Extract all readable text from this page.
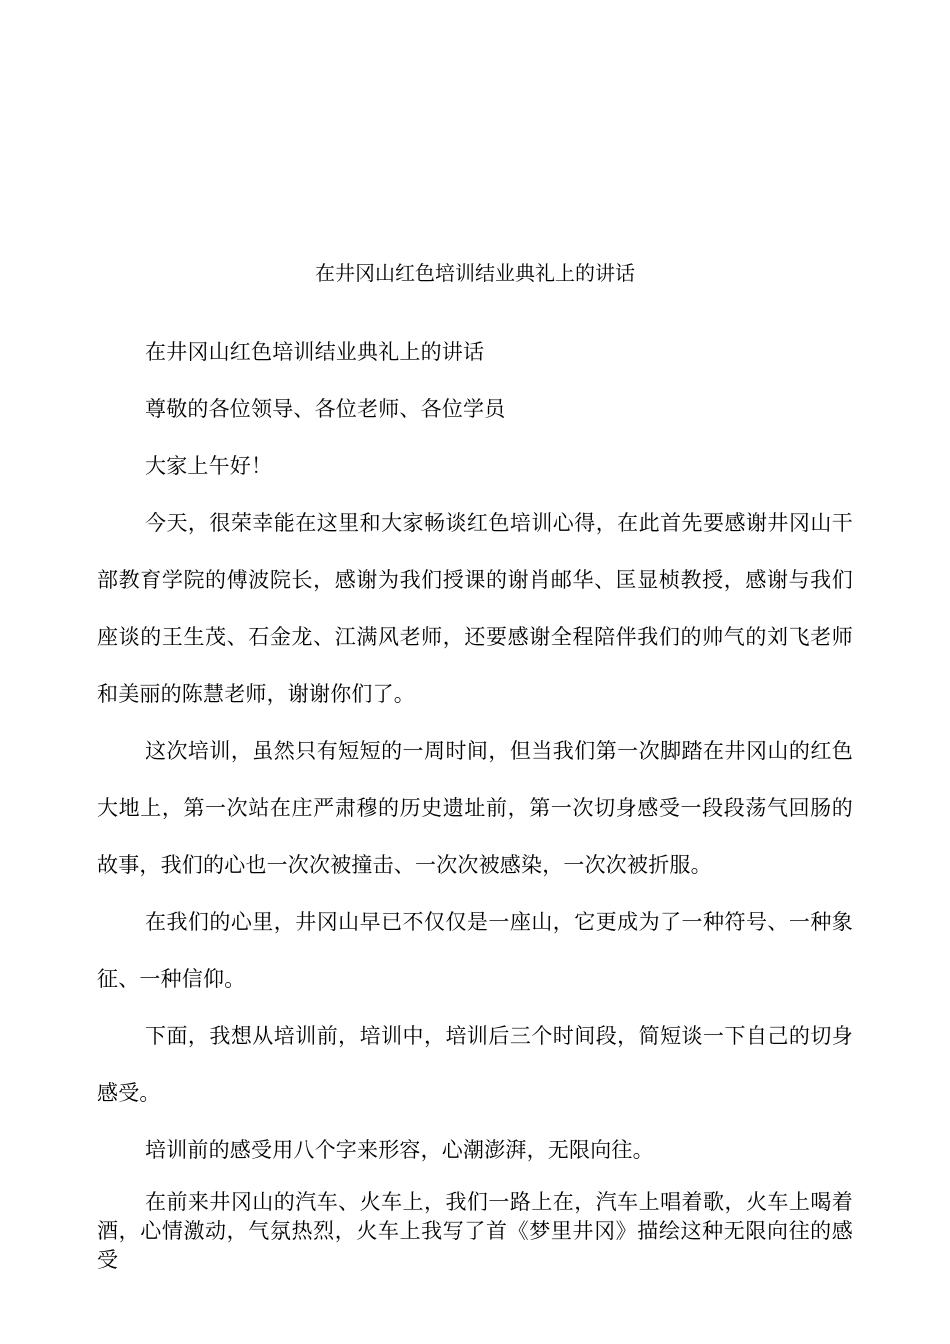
在井冈山红色培训结业典礼上的讲话

在井冈山红色培训结业典礼上的讲话

尊敬的各位领导、各位老师、各位学员

大家上午好！

今天，很荣幸能在这里和大家畅谈红色培训心得，在此首先要感谢井冈山干部教育学院的傅波院长，感谢为我们授课的谢肖邮华、匡显桢教授，感谢与我们座谈的王生茂、石金龙、江满风老师，还要感谢全程陪伴我们的帅气的刘飞老师和美丽的陈慧老师，谢谢你们了。

这次培训，虽然只有短短的一周时间，但当我们第一次脚踏在井冈山的红色大地上，第一次站在庄严肃穆的历史遗址前，第一次切身感受一段段荡气回肠的故事，我们的心也一次次被撞击、一次次被感染，一次次被折服。

在我们的心里，井冈山早已不仅仅是一座山，它更成为了一种符号、一种象征、一种信仰。

下面，我想从培训前，培训中，培训后三个时间段，简短谈一下自己的切身感受。

培训前的感受用八个字来形容，心潮澎湃，无限向往。

在前来井冈山的汽车、火车上，我们一路上在，汽车上唱着歌，火车上喝着酒，心情激动，气氛热烈，火车上我写了首《梦里井冈》描绘这种无限向往的感受
